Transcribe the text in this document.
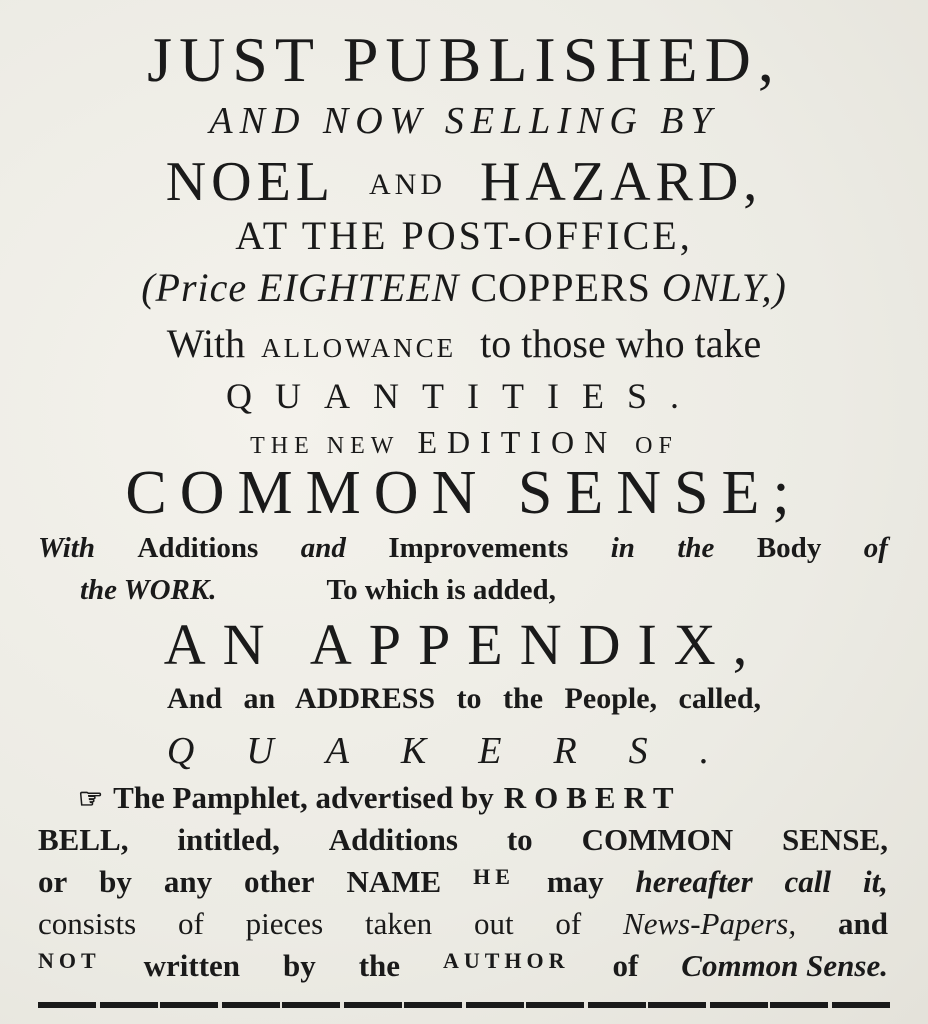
JUST PUBLISHED,
AND NOW SELLING BY
NOEL AND HAZARD,
AT THE POST-OFFICE,
(Price EIGHTEEN COPPERS ONLY,)
With ALLOWANCE to those who take
QUANTITIES.
THE NEW EDITION OF
COMMON SENSE;
With Additions and Improvements in the Body of
the WORK.	To which is added,
AN APPENDIX,
And an ADDRESS to the People, called,
QUAKERS.
☞ The Pamphlet, advertised by ROBERT
BELL, intitled, Additions to COMMON SENSE,
or by any other NAME HE may hereafter call it,
consists of pieces taken out of News-Papers, and
NOT written by the AUTHOR of Common Sense.
